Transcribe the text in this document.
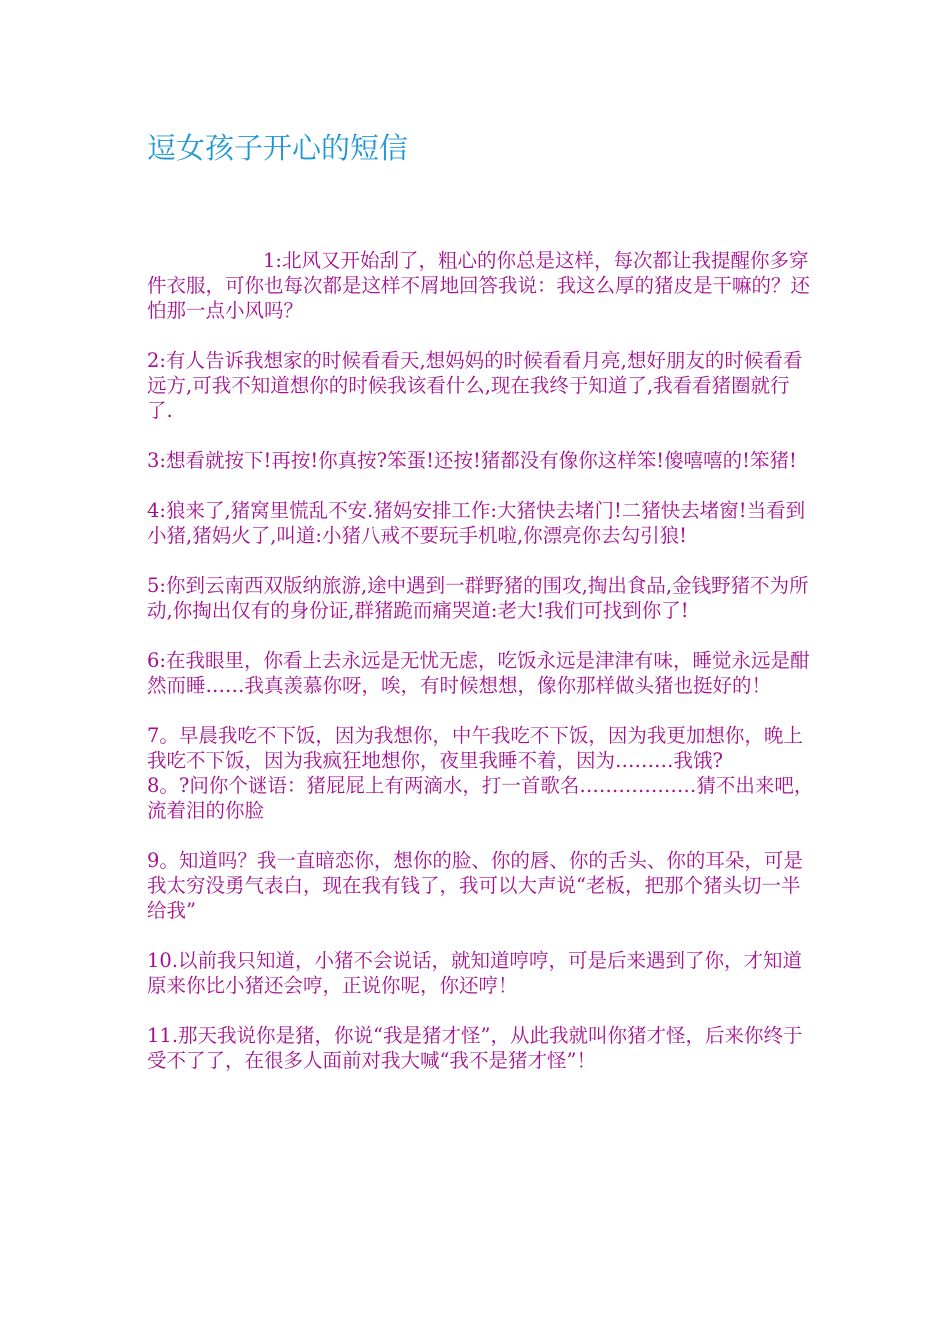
逗女孩子开心的短信

1:北风又开始刮了，粗心的你总是这样，每次都让我提醒你多穿件衣服，可你也每次都是这样不屑地回答我说：我这么厚的猪皮是干嘛的？还怕那一点小风吗？

2:有人告诉我想家的时候看看天,想妈妈的时候看看月亮,想好朋友的时候看看远方,可我不知道想你的时候我该看什么,现在我终于知道了,我看看猪圈就行了.

3:想看就按下!再按!你真按?笨蛋!还按!猪都没有像你这样笨!傻嘻嘻的!笨猪!

4:狼来了,猪窝里慌乱不安.猪妈安排工作:大猪快去堵门!二猪快去堵窗!当看到小猪,猪妈火了,叫道:小猪八戒不要玩手机啦,你漂亮你去勾引狼!

5:你到云南西双版纳旅游,途中遇到一群野猪的围攻,掏出食品,金钱野猪不为所动,你掏出仅有的身份证,群猪跪而痛哭道:老大!我们可找到你了!

6:在我眼里，你看上去永远是无忧无虑，吃饭永远是津津有味，睡觉永远是酣然而睡……我真羡慕你呀，唉，有时候想想，像你那样做头猪也挺好的！

7。早晨我吃不下饭，因为我想你，中午我吃不下饭，因为我更加想你，晚上我吃不下饭，因为我疯狂地想你，夜里我睡不着，因为………我饿?

8。?问你个谜语：猪屁屁上有两滴水，打一首歌名………………猜不出来吧，流着泪的你脸

9。知道吗？我一直暗恋你，想你的脸、你的唇、你的舌头、你的耳朵，可是我太穷没勇气表白，现在我有钱了，我可以大声说“老板，把那个猪头切一半给我”

10.以前我只知道，小猪不会说话，就知道哼哼，可是后来遇到了你，才知道原来你比小猪还会哼，正说你呢，你还哼！

11.那天我说你是猪，你说“我是猪才怪”，从此我就叫你猪才怪，后来你终于受不了了，在很多人面前对我大喊“我不是猪才怪”！
